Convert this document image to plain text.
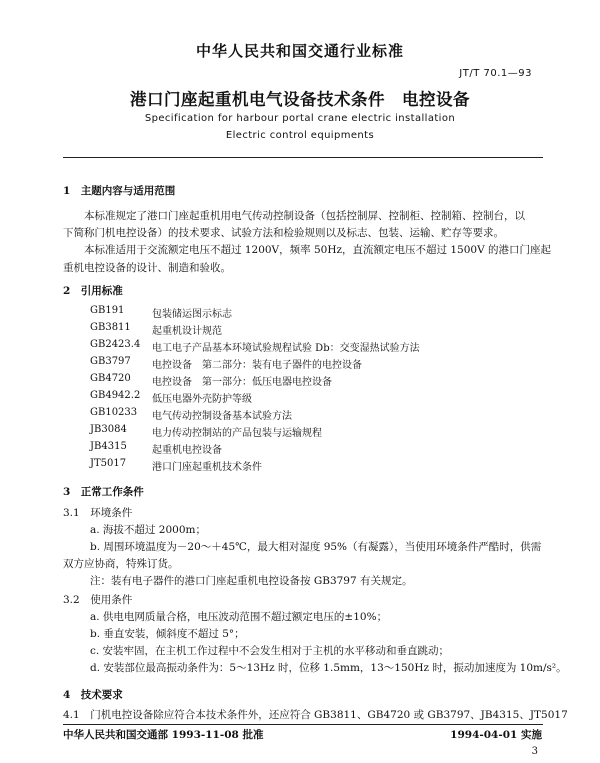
中华人民共和国交通行业标准
JT/T 70.1—93
港口门座起重机电气设备技术条件　电控设备
Specification for harbour portal crane electric installation
Electric control equipments
1　主题内容与适用范围
本标准规定了港口门座起重机用电气传动控制设备（包括控制屏、控制柜、控制箱、控制台，以
下简称门机电控设备）的技术要求、试验方法和检验规则以及标志、包装、运输、贮存等要求。
本标准适用于交流额定电压不超过 1200V，频率 50Hz，直流额定电压不超过 1500V 的港口门座起
重机电控设备的设计、制造和验收。
2　引用标准
GB191	包装储运图示标志
GB3811 起重机设计规范
GB2423.4 电工电子产品基本环境试验规程试验 Db：交变湿热试验方法
GB3797 电控设备　第二部分：装有电子器件的电控设备
GB4720 电控设备　第一部分：低压电器电控设备
GB4942.2 低压电器外壳防护等级
GB10233 电气传动控制设备基本试验方法
JB3084	电力传动控制站的产品包装与运输规程
JB4315	起重机电控设备
JT5017	港口门座起重机技术条件
3　正常工作条件
3.1　环境条件
a. 海拔不超过 2000m；
b. 周围环境温度为－20～＋45℃，最大相对湿度 95%（有凝露），当使用环境条件严酷时，供需
双方应协商，特殊订货。
注：装有电子器件的港口门座起重机电控设备按 GB3797 有关规定。
3.2　使用条件
a. 供电电网质量合格，电压波动范围不超过额定电压的±10%；
b. 垂直安装，倾斜度不超过 5°；
c. 安装牢固，在主机工作过程中不会发生相对于主机的水平移动和垂直跳动；
d. 安装部位最高振动条件为：5～13Hz 时，位移 1.5mm，13～150Hz 时，振动加速度为 10m/s²。
4　技术要求
4.1　门机电控设备除应符合本技术条件外，还应符合 GB3811、GB4720 或 GB3797、JB4315、JT5017
中华人民共和国交通部 1993-11-08 批准	1994-04-01 实施
3
